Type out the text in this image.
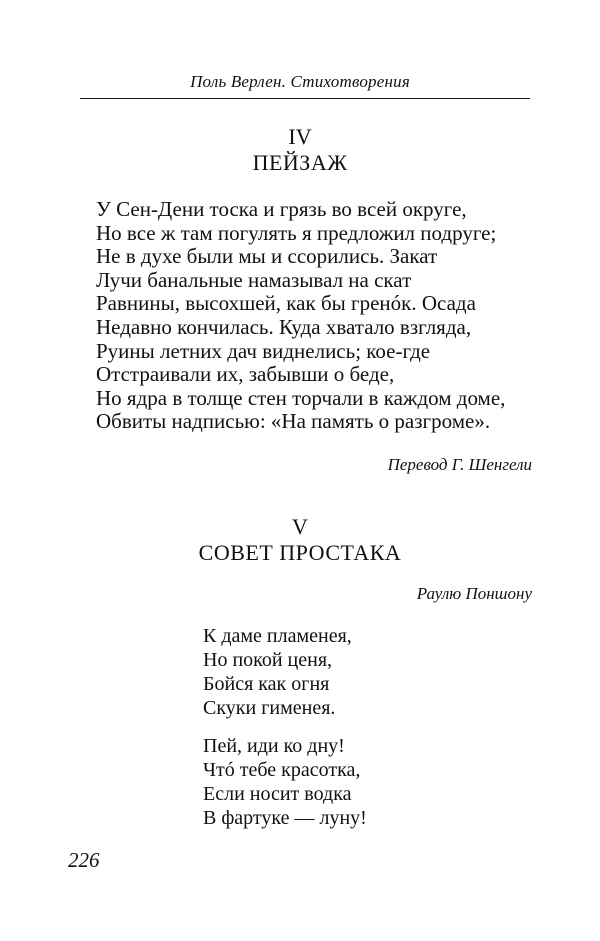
Поль Верлен. Стихотворения
IV
ПЕЙЗАЖ
У Сен-Дени тоска и грязь во всей округе,
Но все ж там погулять я предложил подруге;
Не в духе были мы и ссорились. Закат
Лучи банальные намазывал на скат
Равнины, высохшей, как бы гренóк. Осада
Недавно кончилась. Куда хватало взгляда,
Руины летних дач виднелись; кое-где
Отстраивали их, забывши о беде,
Но ядра в толще стен торчали в каждом доме,
Обвиты надписью: «На память о разгроме».
Перевод Г. Шенгели
V
СОВЕТ ПРОСТАКА
Раулю Поншону
К даме пламенея,
Но покой ценя,
Бойся как огня
Скуки гименея.
Пей, иди ко дну!
Чтó тебе красотка,
Если носит водка
В фартуке — луну!
226
